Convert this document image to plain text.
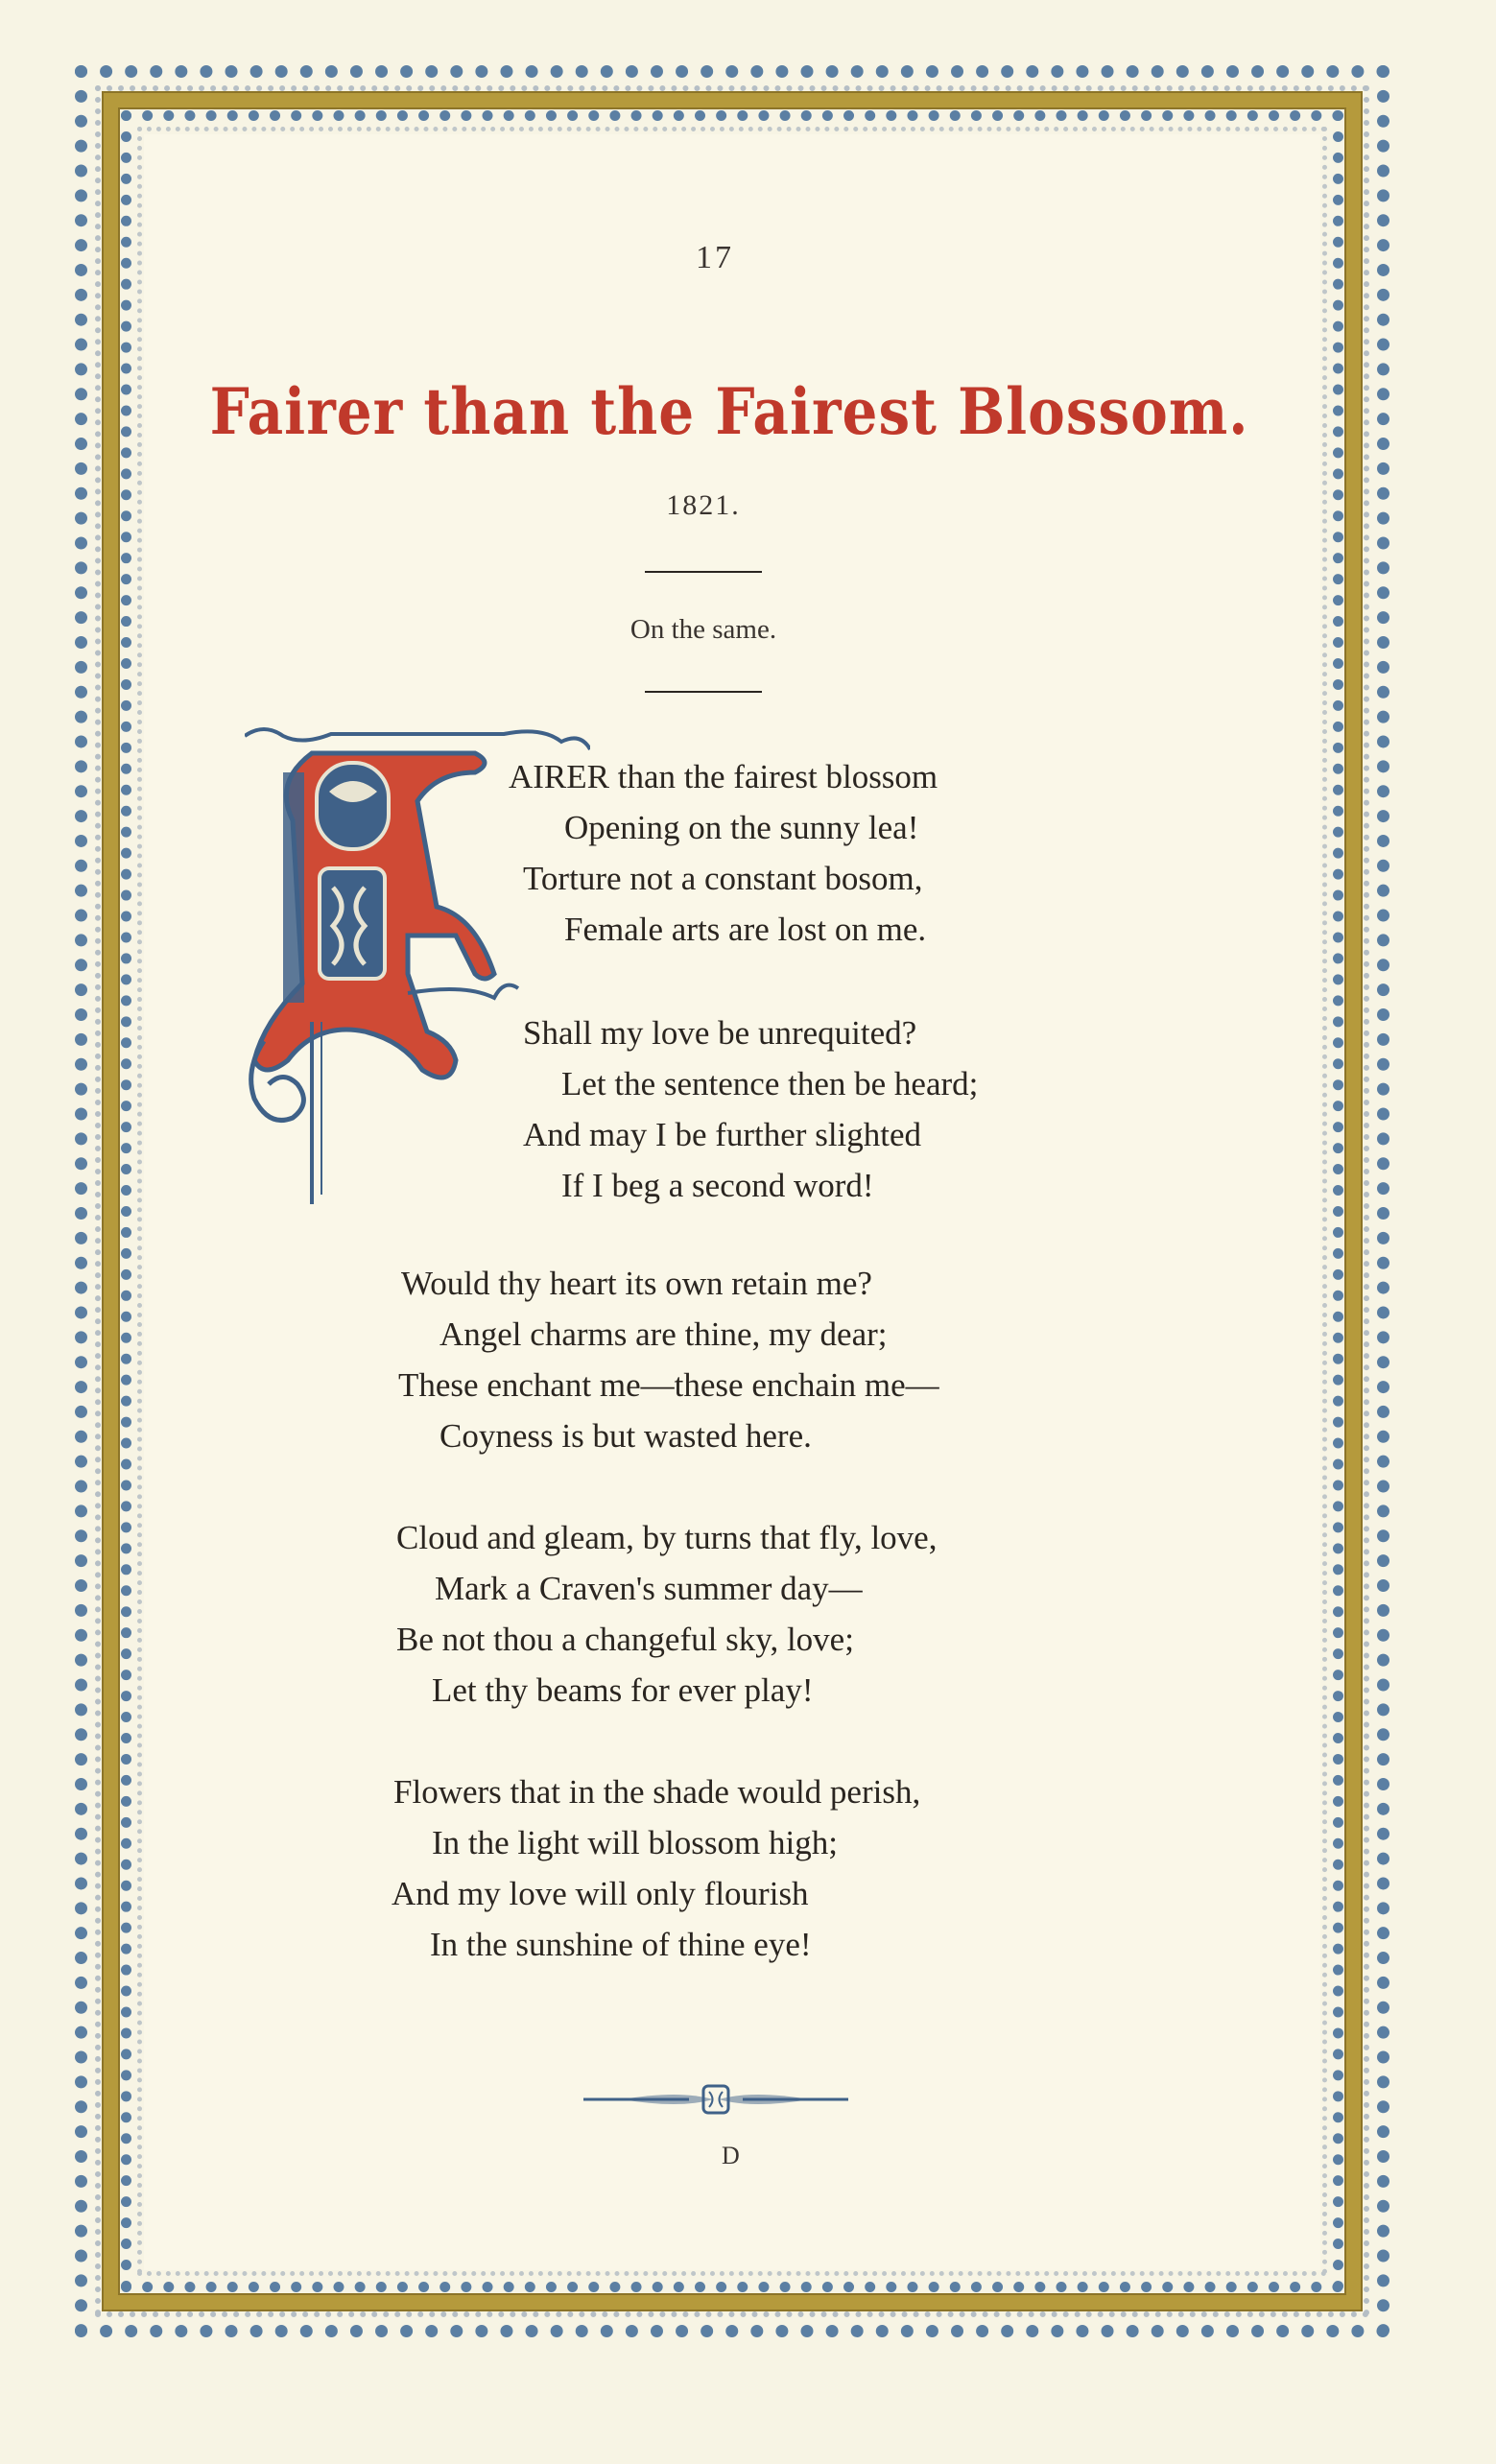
17
Fairer than the Fairest Blossom.
1821.
On the same.
AIRER than the fairest blossom
Opening on the sunny lea!
Torture not a constant bosom,
Female arts are lost on me.
Shall my love be unrequited?
Let the sentence then be heard;
And may I be further slighted
If I beg a second word!
Would thy heart its own retain me?
Angel charms are thine, my dear;
These enchant me—these enchain me—
Coyness is but wasted here.
Cloud and gleam, by turns that fly, love,
Mark a Craven's summer day—
Be not thou a changeful sky, love;
Let thy beams for ever play!
Flowers that in the shade would perish,
In the light will blossom high;
And my love will only flourish
In the sunshine of thine eye!
D
